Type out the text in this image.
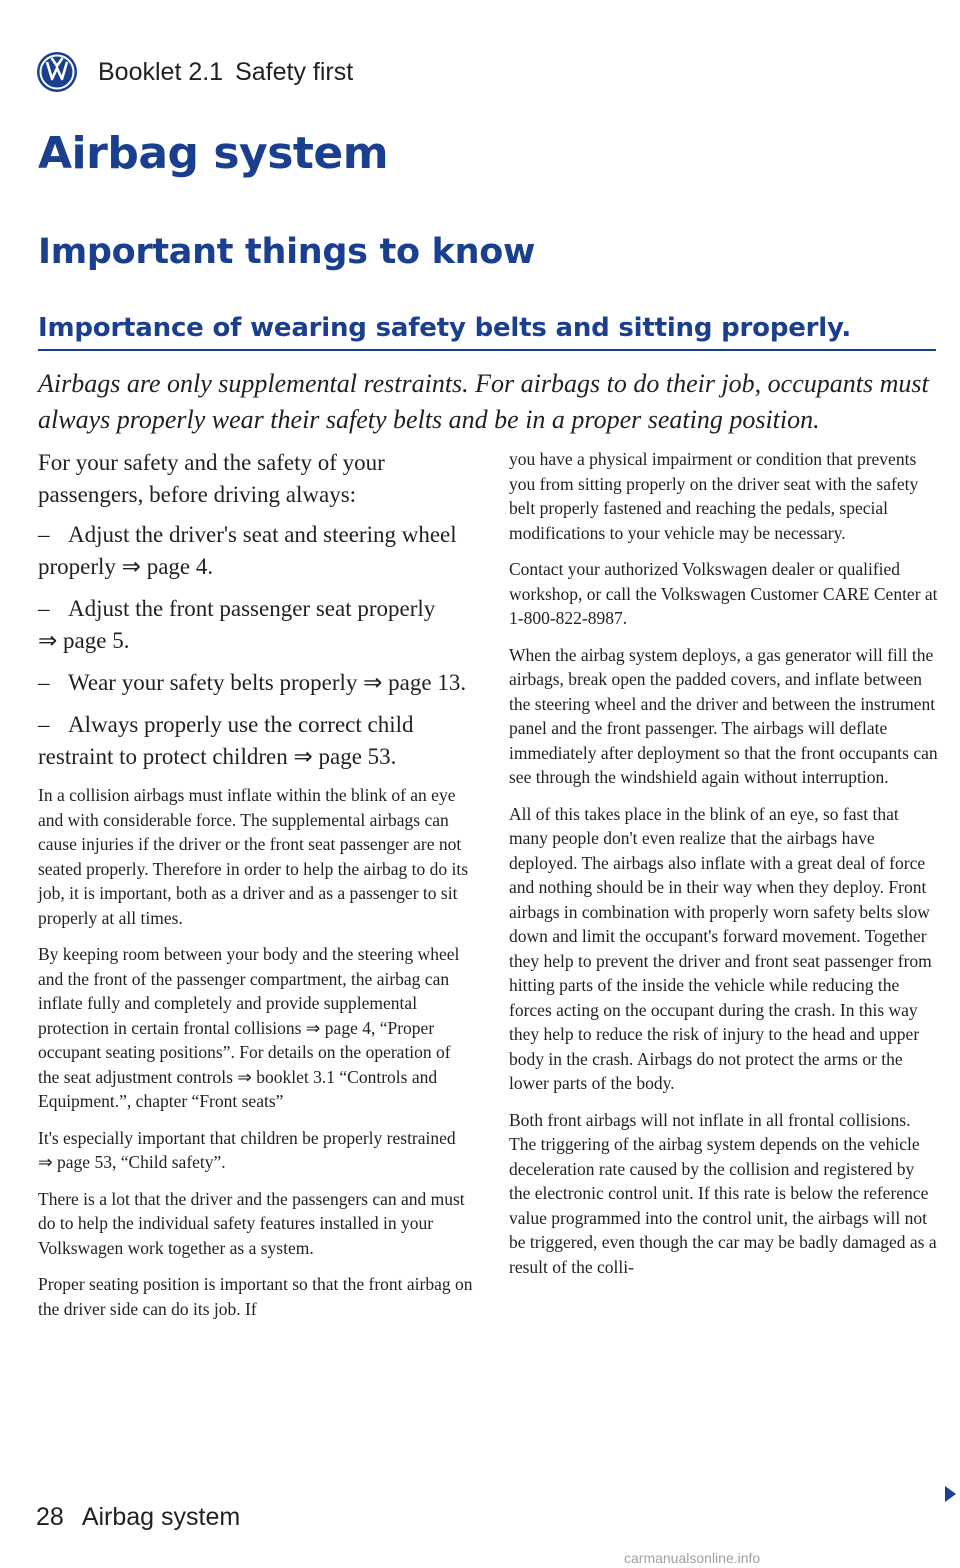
Booklet 2.1 Safety first
Airbag system
Important things to know
Importance of wearing safety belts and sitting properly.

Airbags are only supplemental restraints. For airbags to do their job, occupants must always properly wear their safety belts and be in a proper seating position.

For your safety and the safety of your passengers, before driving always:

– Adjust the driver's seat and steering wheel properly ⇒ page 4.

– Adjust the front passenger seat properly ⇒ page 5.

– Wear your safety belts properly ⇒ page 13.

– Always properly use the correct child restraint to protect children ⇒ page 53.

In a collision airbags must inflate within the blink of an eye and with considerable force. The supplemental airbags can cause injuries if the driver or the front seat passenger are not seated properly. Therefore in order to help the airbag to do its job, it is important, both as a driver and as a passenger to sit properly at all times.

By keeping room between your body and the steering wheel and the front of the passenger compartment, the airbag can inflate fully and completely and provide supplemental protection in certain frontal collisions ⇒ page 4, “Proper occupant seating positions”. For details on the operation of the seat adjustment controls ⇒ booklet 3.1 “Controls and Equipment.”, chapter “Front seats”

It's especially important that children be properly restrained ⇒ page 53, “Child safety”.

There is a lot that the driver and the passengers can and must do to help the individual safety features installed in your Volkswagen work together as a system.

Proper seating position is important so that the front airbag on the driver side can do its job. If

you have a physical impairment or condition that prevents you from sitting properly on the driver seat with the safety belt properly fastened and reaching the pedals, special modifications to your vehicle may be necessary.

Contact your authorized Volkswagen dealer or qualified workshop, or call the Volkswagen Customer CARE Center at 1-800-822-8987.

When the airbag system deploys, a gas generator will fill the airbags, break open the padded covers, and inflate between the steering wheel and the driver and between the instrument panel and the front passenger. The airbags will deflate immediately after deployment so that the front occupants can see through the windshield again without interruption.

All of this takes place in the blink of an eye, so fast that many people don't even realize that the airbags have deployed. The airbags also inflate with a great deal of force and nothing should be in their way when they deploy. Front airbags in combination with properly worn safety belts slow down and limit the occupant's forward movement. Together they help to prevent the driver and front seat passenger from hitting parts of the inside the vehicle while reducing the forces acting on the occupant during the crash. In this way they help to reduce the risk of injury to the head and upper body in the crash. Airbags do not protect the arms or the lower parts of the body.

Both front airbags will not inflate in all frontal collisions. The triggering of the airbag system depends on the vehicle deceleration rate caused by the collision and registered by the electronic control unit. If this rate is below the reference value programmed into the control unit, the airbags will not be triggered, even though the car may be badly damaged as a result of the colli-

28 Airbag system
carmanualsonline.info
